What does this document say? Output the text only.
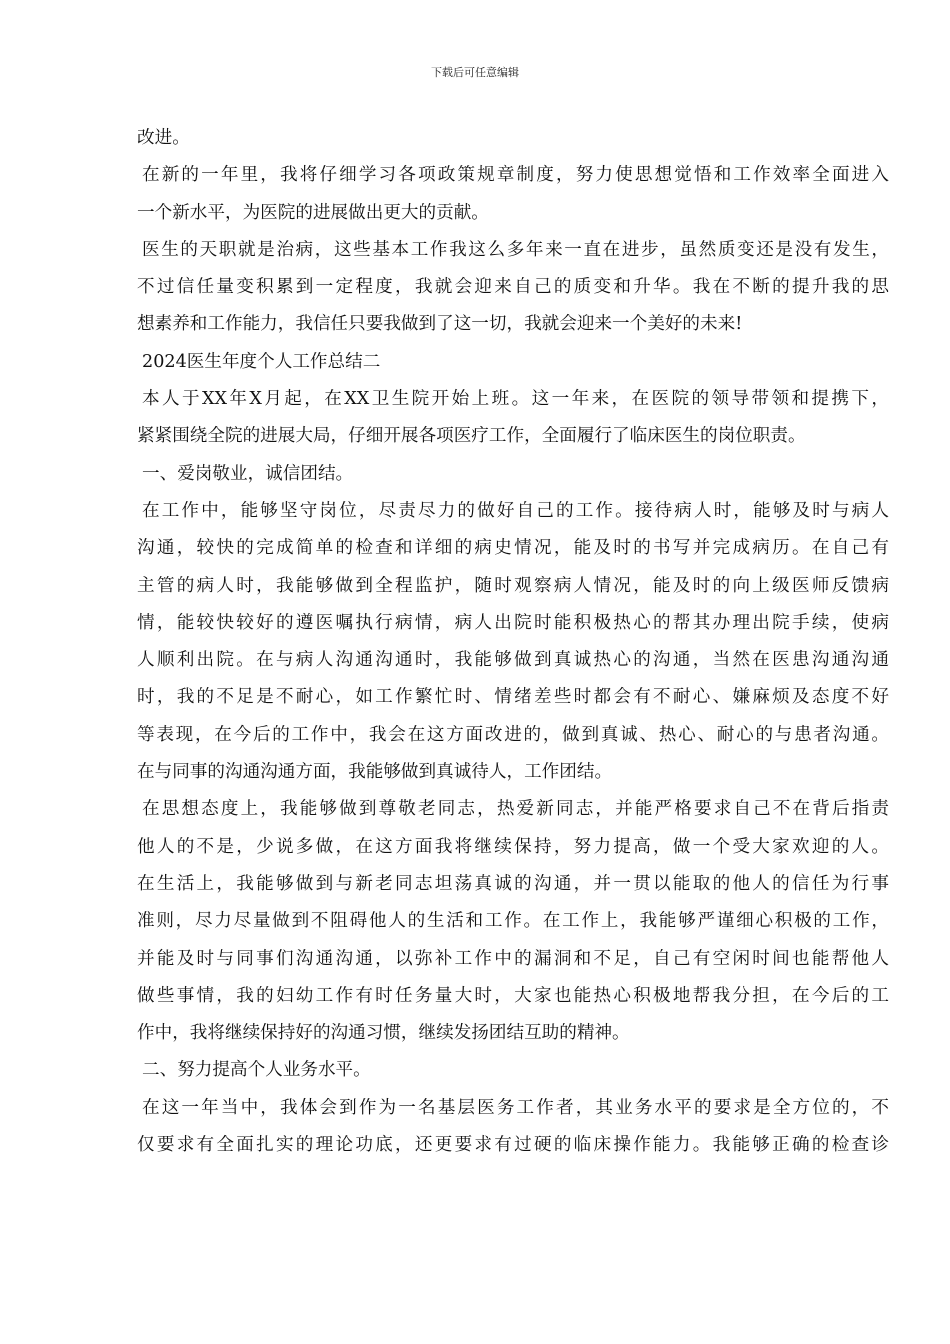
下载后可任意编辑
改进。
在新的一年里，我将仔细学习各项政策规章制度，努力使思想觉悟和工作效率全面进入
一个新水平，为医院的进展做出更大的贡献。
医生的天职就是治病，这些基本工作我这么多年来一直在进步，虽然质变还是没有发生，
不过信任量变积累到一定程度，我就会迎来自己的质变和升华。我在不断的提升我的思
想素养和工作能力，我信任只要我做到了这一切，我就会迎来一个美好的未来!
2024医生年度个人工作总结二
本人于XX年X月起，在XX卫生院开始上班。这一年来，在医院的领导带领和提携下，
紧紧围绕全院的进展大局，仔细开展各项医疗工作，全面履行了临床医生的岗位职责。
一、爱岗敬业，诚信团结。
在工作中，能够坚守岗位，尽责尽力的做好自己的工作。接待病人时，能够及时与病人
沟通，较快的完成简单的检查和详细的病史情况，能及时的书写并完成病历。在自己有
主管的病人时，我能够做到全程监护，随时观察病人情况，能及时的向上级医师反馈病
情，能较快较好的遵医嘱执行病情，病人出院时能积极热心的帮其办理出院手续，使病
人顺利出院。在与病人沟通沟通时，我能够做到真诚热心的沟通，当然在医患沟通沟通
时，我的不足是不耐心，如工作繁忙时、情绪差些时都会有不耐心、嫌麻烦及态度不好
等表现，在今后的工作中，我会在这方面改进的，做到真诚、热心、耐心的与患者沟通。
在与同事的沟通沟通方面，我能够做到真诚待人，工作团结。
在思想态度上，我能够做到尊敬老同志，热爱新同志，并能严格要求自己不在背后指责
他人的不是，少说多做，在这方面我将继续保持，努力提高，做一个受大家欢迎的人。
在生活上，我能够做到与新老同志坦荡真诚的沟通，并一贯以能取的他人的信任为行事
准则，尽力尽量做到不阻碍他人的生活和工作。在工作上，我能够严谨细心积极的工作，
并能及时与同事们沟通沟通，以弥补工作中的漏洞和不足，自己有空闲时间也能帮他人
做些事情，我的妇幼工作有时任务量大时，大家也能热心积极地帮我分担，在今后的工
作中，我将继续保持好的沟通习惯，继续发扬团结互助的精神。
二、努力提高个人业务水平。
在这一年当中，我体会到作为一名基层医务工作者，其业务水平的要求是全方位的，不
仅要求有全面扎实的理论功底，还更要求有过硬的临床操作能力。我能够正确的检查诊
